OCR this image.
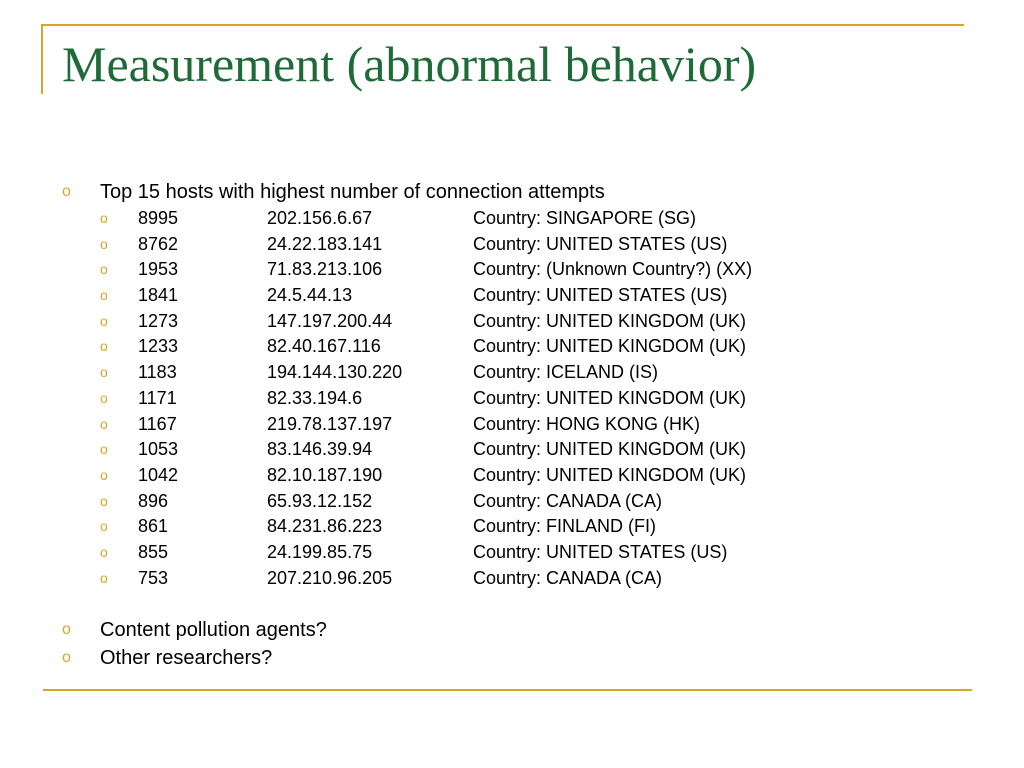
Measurement (abnormal behavior)
o Top 15 hosts with highest number of connection attempts
o 8995	202.156.6.67	Country: SINGAPORE (SG)
o 8762	24.22.183.141	Country: UNITED STATES (US)
o 1953	71.83.213.106	Country: (Unknown Country?) (XX)
o 1841	24.5.44.13	Country: UNITED STATES (US)
o 1273	147.197.200.44	Country: UNITED KINGDOM (UK)
o 1233	82.40.167.116	Country: UNITED KINGDOM (UK)
o 1183	194.144.130.220	Country: ICELAND (IS)
o 1171	82.33.194.6	Country: UNITED KINGDOM (UK)
o 1167	219.78.137.197	Country: HONG KONG (HK)
o 1053	83.146.39.94	Country: UNITED KINGDOM (UK)
o 1042	82.10.187.190	Country: UNITED KINGDOM (UK)
o 896	65.93.12.152	Country: CANADA (CA)
o 861	84.231.86.223	Country: FINLAND (FI)
o 855	24.199.85.75	Country: UNITED STATES (US)
o 753	207.210.96.205	Country: CANADA (CA)
o Content pollution agents?
o Other researchers?
